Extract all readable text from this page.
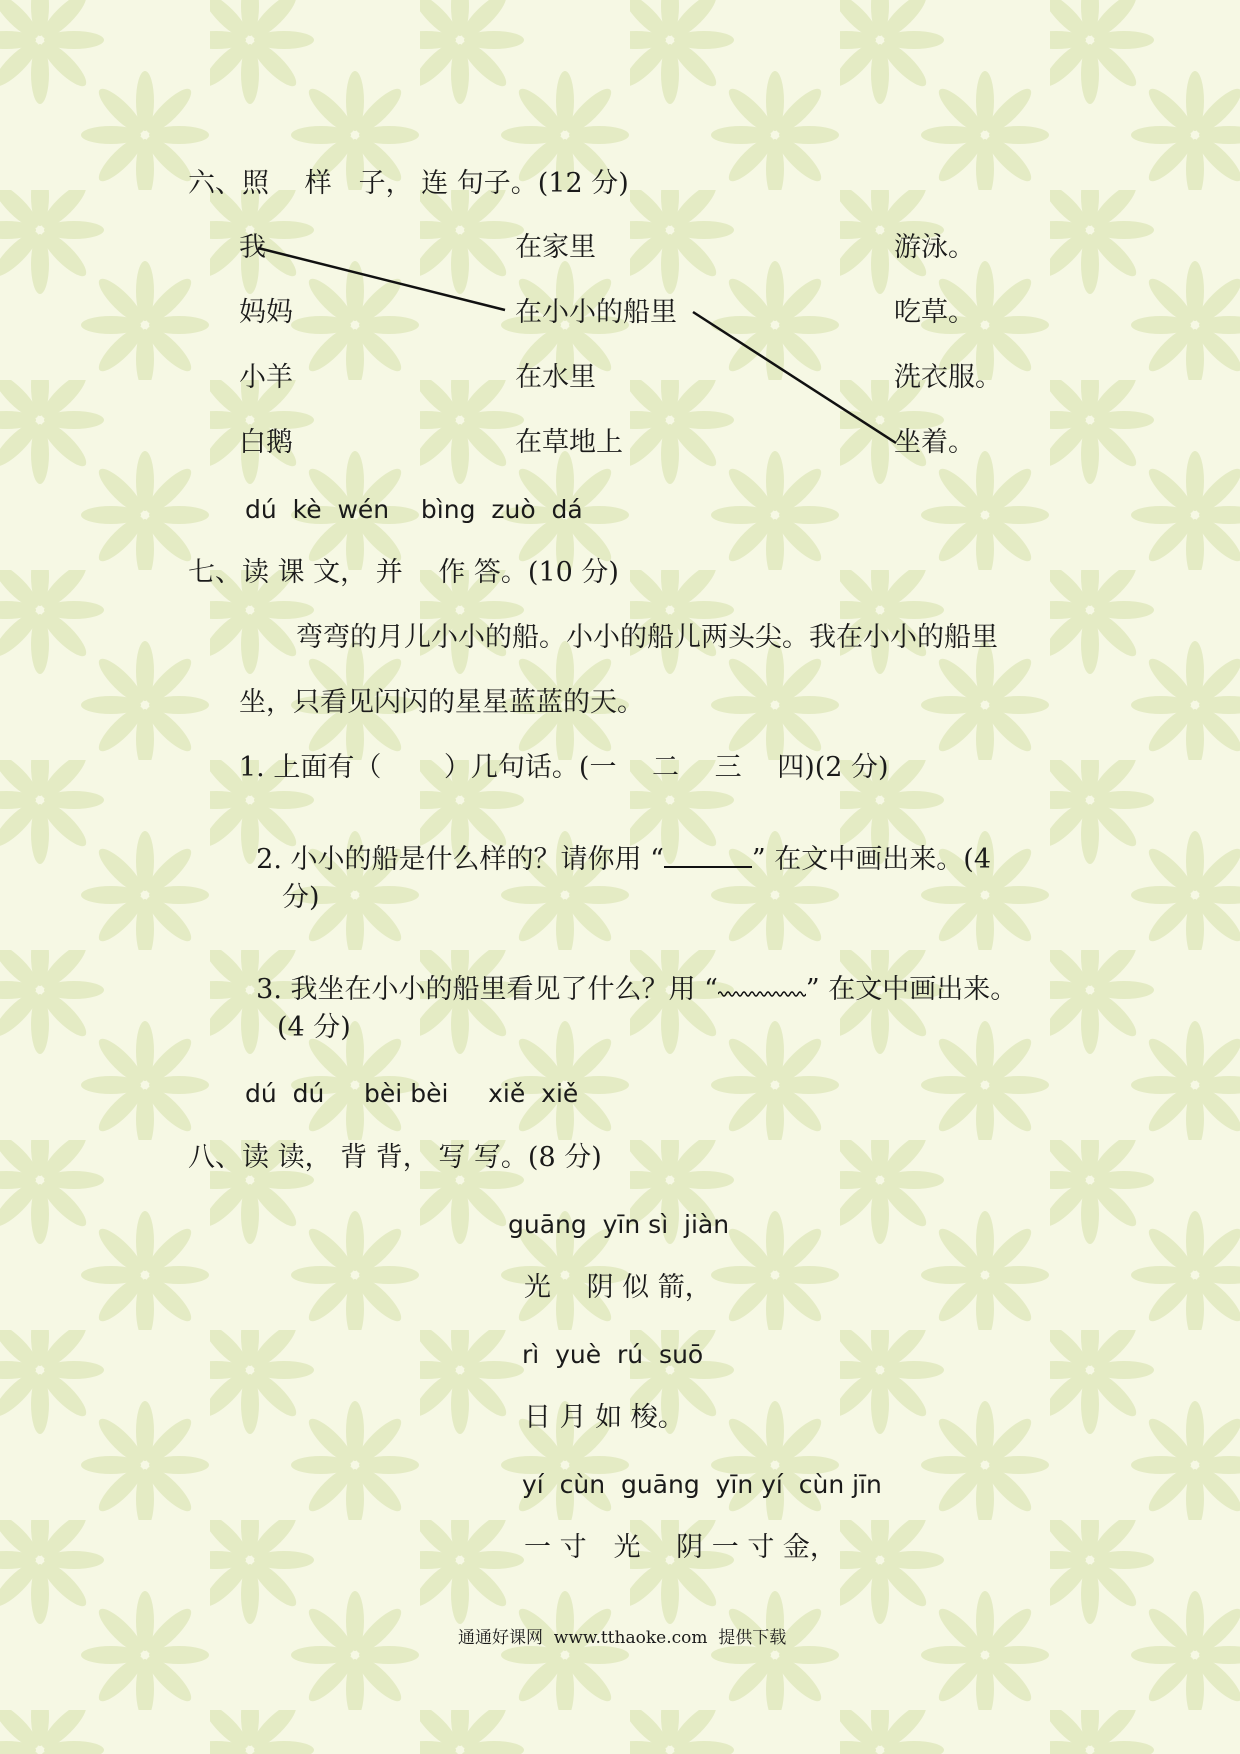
六、照　 样　子， 连 句子。(12 分)
我
妈妈
小羊
白鹅
在家里
在小小的船里
在水里
在草地上
游泳。
吃草。
洗衣服。
坐着。
dú  kè  wén    bìng  zuò  dá
七、读 课 文， 并　 作 答。(10 分)
弯弯的月儿小小的船。小小的船儿两头尖。我在小小的船里
坐，只看见闪闪的星星蓝蓝的天。
1. 上面有（　　 ）几句话。(一　 二　 三　 四)(2 分)

2. 小小的船是什么样的？请你用 “	” 在文中画出来。(4

分)

3. 我坐在小小的船里看见了什么？用 “	” 在文中画出来。

(4 分)
dú  dú     bèi bèi     xiě  xiě
八、读 读， 背 背， 写 写。(8 分)
guāng  yīn sì  jiàn
光　 阴 似 箭，
rì  yuè  rú  suō
日 月 如 梭。
yí  cùn  guāng  yīn yí  cùn jīn
一 寸　光　 阴 一 寸 金，
通通好课网  www.tthaoke.com  提供下载
